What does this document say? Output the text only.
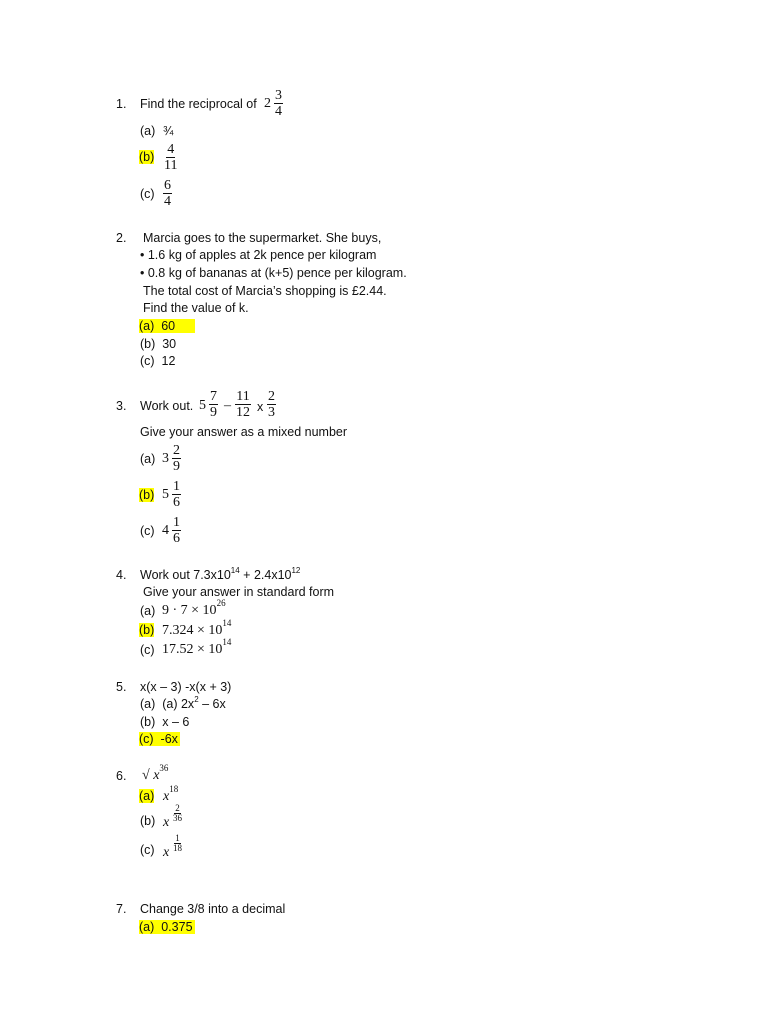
1. Find the reciprocal of $2 \frac{3}{4}$
(a) ¾
$(b) \frac{4}{11}$
$(c) \frac{6}{4}$
2. Marcia goes to the supermarket. She buys,
• 1.6 kg of apples at 2k pence per kilogram
• 0.8 kg of bananas at (k+5) pence per kilogram.
The total cost of Marcia’s shopping is £2.44.
Find the value of k.
(a) 60
(b) 30
(c) 12
3. Work out. $5 \frac{7}{9} - \frac{11}{12}$ x $\frac{2}{3}$
Give your answer as a mixed number
(a) $3 \frac{2}{9}$
(b) $5 \frac{1}{6}$
(c) $4 \frac{1}{6}$
4. Work out $7.3x10^{14} + 2.4x10^{12}$
Give your answer in standard form
(a) $9 \cdot 7 \times 10^{26}$
(b) $7.324 \times 10^{14}$
(c) $17.52 \times 10^{14}$
5. x(x – 3) -x(x + 3)
(a) (a) $2x^2 - 6x$
(b) x – 6
(c) -6x
6. √ $x^{36}$
(a) $x^{18}$
(b) x $\frac{2}{36}$
(c) x $\frac{1}{18}$
7. Change 3/8 into a decimal
(a) 0.375
